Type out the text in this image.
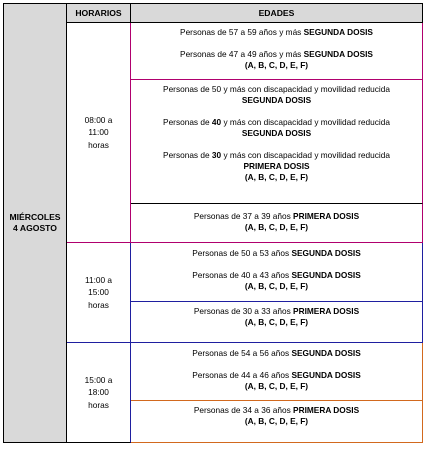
MIÉRCOLES
4 AGOSTO
HORARIOS	EDADES
08:00 a
11:00
horas
Personas de 57 a 59 años y más SEGUNDA DOSIS
Personas de 47 a 49 años y más SEGUNDA DOSIS
(A, B, C, D, E, F)
Personas de 50 y más con discapacidad y movilidad reducida
SEGUNDA DOSIS
Personas de 40 y más con discapacidad y movilidad reducida
SEGUNDA DOSIS
Personas de 30 y más con discapacidad y movilidad reducida
PRIMERA DOSIS
(A, B, C, D, E, F)
Personas de 37 a 39 años PRIMERA DOSIS
(A, B, C, D, E, F)
11:00 a
15:00
horas
Personas de 50 a 53 años SEGUNDA DOSIS
Personas de 40 a 43 años SEGUNDA DOSIS
(A, B, C, D, E, F)
Personas de 30 a 33 años PRIMERA DOSIS
(A, B, C, D, E, F)
15:00 a
18:00
horas
Personas de 54 a 56 años SEGUNDA DOSIS
Personas de 44 a 46 años SEGUNDA DOSIS
(A, B, C, D, E, F)
Personas de 34 a 36 años PRIMERA DOSIS
(A, B, C, D, E, F)
